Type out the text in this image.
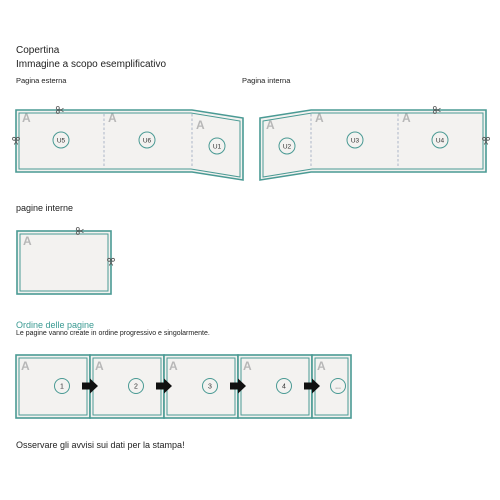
Copertina
Immagine a scopo esemplificativo
Pagina esterna	Pagina interna
pagine interne
Ordine delle pagine
Le pagine vanno create in ordine progressivo e singolarmente.
Osservare gli avvisi sui dati per la stampa!
A	A	A
U5	U6
U1
A	A	A
U2
U3	U4
A
A
1
A
2
A
3
A
4
A
...
